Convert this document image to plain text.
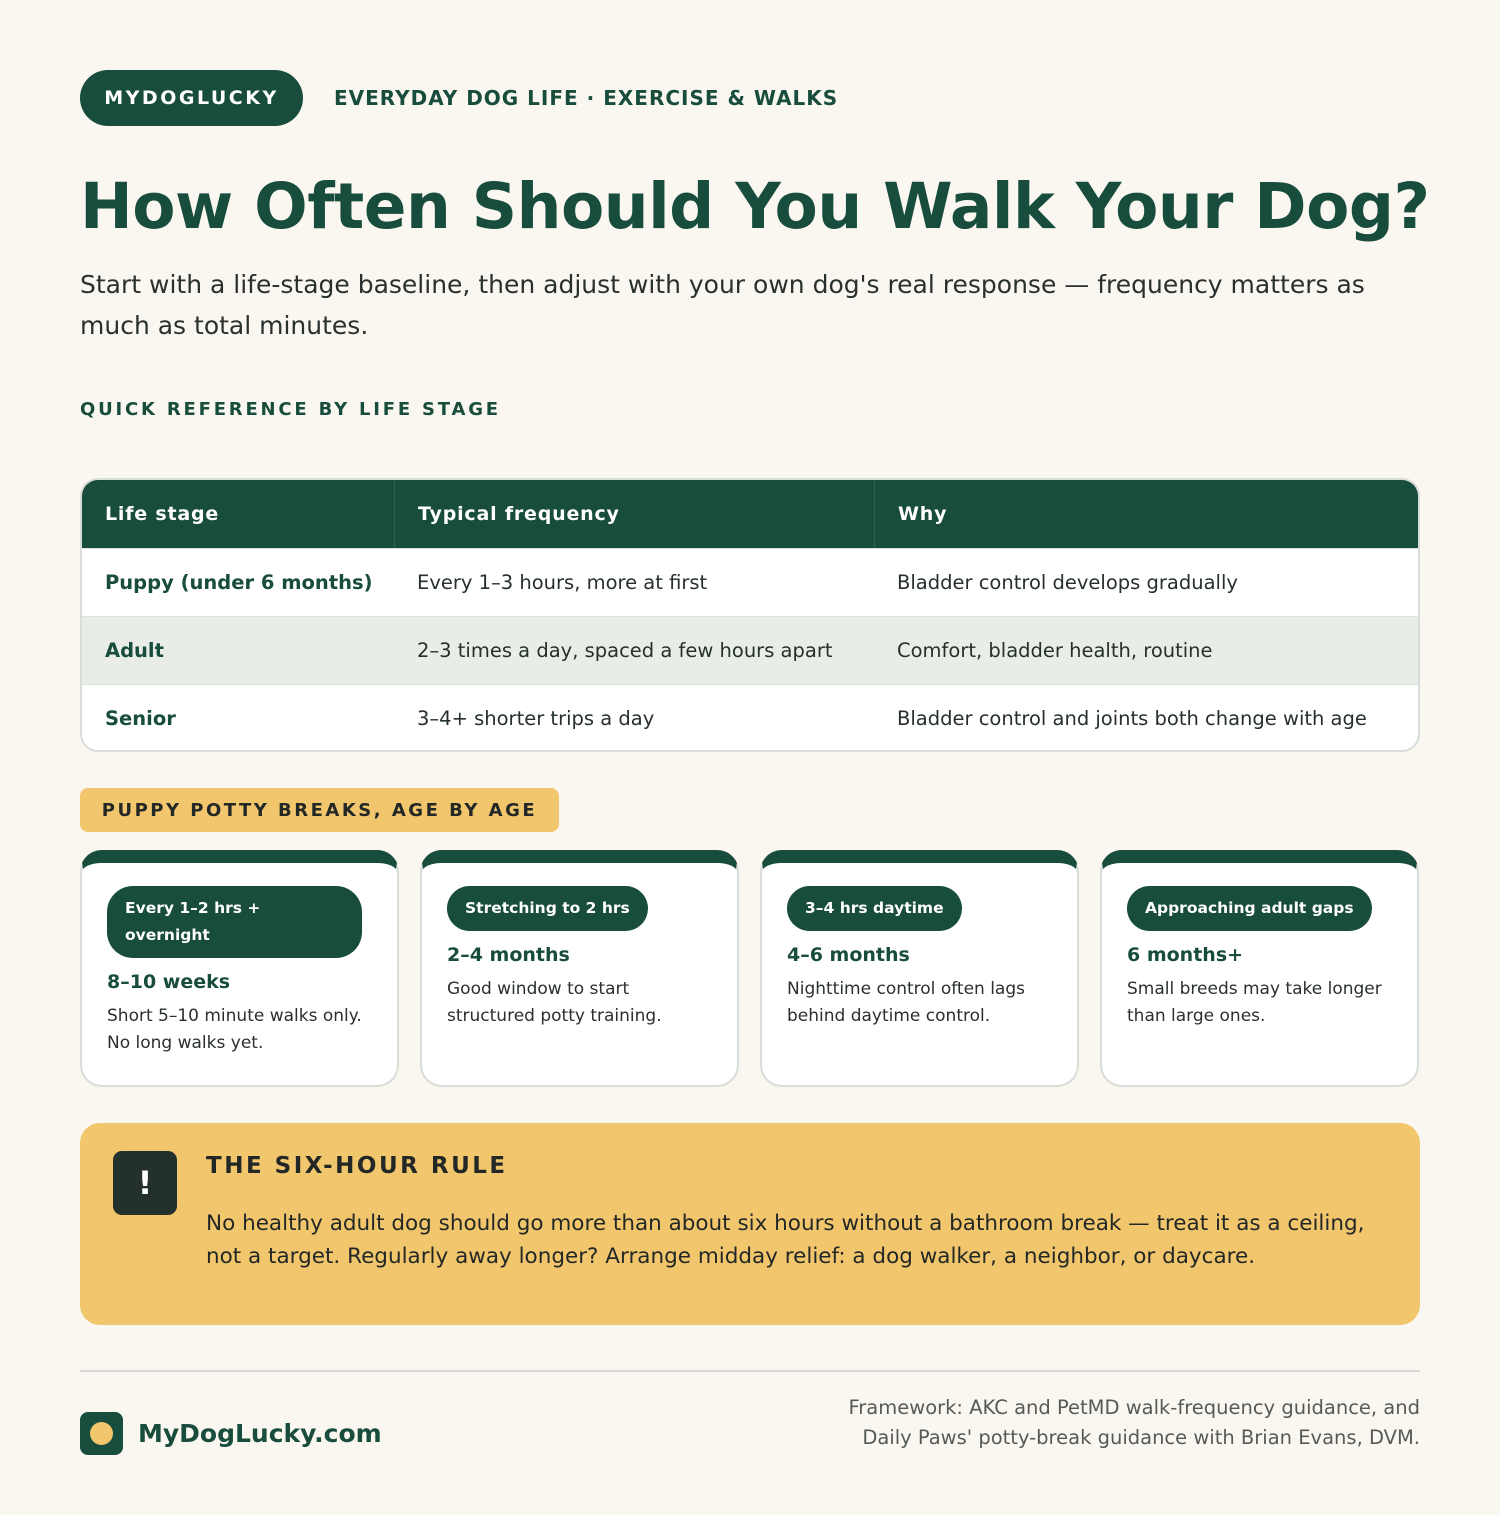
MYDOGLUCKY	EVERYDAY DOG LIFE · EXERCISE & WALKS
How Often Should You Walk Your Dog?

Start with a life-stage baseline, then adjust with your own dog's real response — frequency matters as much as total minutes.

QUICK REFERENCE BY LIFE STAGE
Life stage	Typical frequency	Why
Puppy (under 6 months)	Every 1–3 hours, more at first	Bladder control develops gradually
Adult	2–3 times a day, spaced a few hours apart	Comfort, bladder health, routine
Senior	3–4+ shorter trips a day	Bladder control and joints both change with age
PUPPY POTTY BREAKS, AGE BY AGE
Every 1–2 hrs + overnight
8–10 weeks
Short 5–10 minute walks only. No long walks yet.
Stretching to 2 hrs
2–4 months
Good window to start structured potty training.
3–4 hrs daytime
4–6 months
Nighttime control often lags behind daytime control.
Approaching adult gaps
6 months+
Small breeds may take longer than large ones.
!	THE SIX-HOUR RULE
No healthy adult dog should go more than about six hours without a bathroom break — treat it as a ceiling, not a target. Regularly away longer? Arrange midday relief: a dog walker, a neighbor, or daycare.
MyDogLucky.com
Framework: AKC and PetMD walk-frequency guidance, and Daily Paws' potty-break guidance with Brian Evans, DVM.
